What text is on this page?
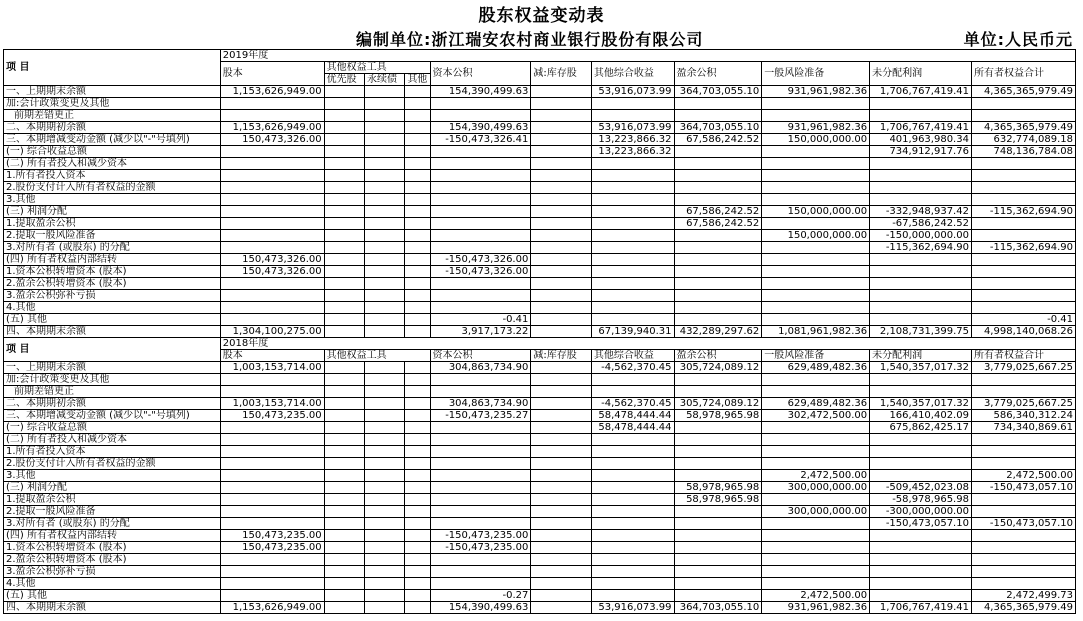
股东权益变动表
编制单位:浙江瑞安农村商业银行股份有限公司	单位:人民币元
项 目	2019年度										
	股本	其他权益工具			资本公积	减:库存股	其他综合收益	盈余公积	一般风险准备	未分配利润	所有者权益合计
		优先股	永续债	其他							
一、上期期末余额	1,153,626,949.00				154,390,499.63		53,916,073.99	364,703,055.10	931,961,982.36	1,706,767,419.41	4,365,365,979.49
加:会计政策变更及其他											
前期差错更正											
二、本期期初余额	1,153,626,949.00				154,390,499.63		53,916,073.99	364,703,055.10	931,961,982.36	1,706,767,419.41	4,365,365,979.49
三、本期增减变动金额 (减少以"-"号填列)	150,473,326.00				-150,473,326.41		13,223,866.32	67,586,242.52	150,000,000.00	401,963,980.34	632,774,089.18
(一) 综合收益总额							13,223,866.32			734,912,917.76	748,136,784.08
(二) 所有者投入和减少资本											
1.所有者投入资本											
2.股份支付计入所有者权益的金额											
3.其他											
(三) 利润分配								67,586,242.52	150,000,000.00	-332,948,937.42	-115,362,694.90
1.提取盈余公积								67,586,242.52		-67,586,242.52	
2.提取一般风险准备									150,000,000.00	-150,000,000.00	
3.对所有者 (或股东) 的分配										-115,362,694.90	-115,362,694.90
(四) 所有者权益内部结转	150,473,326.00				-150,473,326.00						
1.资本公积转增资本 (股本)	150,473,326.00				-150,473,326.00						
2.盈余公积转增资本 (股本)											
3.盈余公积弥补亏损											
4.其他											
(五) 其他					-0.41						-0.41
四、本期期末余额	1,304,100,275.00				3,917,173.22		67,139,940.31	432,289,297.62	1,081,961,982.36	2,108,731,399.75	4,998,140,068.26
项 目	2018年度										
	股本	其他权益工具			资本公积	减:库存股	其他综合收益	盈余公积	一般风险准备	未分配利润	所有者权益合计
一、上期期末余额	1,003,153,714.00				304,863,734.90		-4,562,370.45	305,724,089.12	629,489,482.36	1,540,357,017.32	3,779,025,667.25
加:会计政策变更及其他											
前期差错更正											
二、本期期初余额	1,003,153,714.00				304,863,734.90		-4,562,370.45	305,724,089.12	629,489,482.36	1,540,357,017.32	3,779,025,667.25
三、本期增减变动金额 (减少以"-"号填列)	150,473,235.00				-150,473,235.27		58,478,444.44	58,978,965.98	302,472,500.00	166,410,402.09	586,340,312.24
(一) 综合收益总额							58,478,444.44			675,862,425.17	734,340,869.61
(二) 所有者投入和减少资本											
1.所有者投入资本											
2.股份支付计入所有者权益的金额											
3.其他									2,472,500.00		2,472,500.00
(三) 利润分配								58,978,965.98	300,000,000.00	-509,452,023.08	-150,473,057.10
1.提取盈余公积								58,978,965.98		-58,978,965.98	
2.提取一般风险准备									300,000,000.00	-300,000,000.00	
3.对所有者 (或股东) 的分配										-150,473,057.10	-150,473,057.10
(四) 所有者权益内部结转	150,473,235.00				-150,473,235.00						
1.资本公积转增资本 (股本)	150,473,235.00				-150,473,235.00						
2.盈余公积转增资本 (股本)											
3.盈余公积弥补亏损											
4.其他											
(五) 其他					-0.27				2,472,500.00		2,472,499.73
四、本期期末余额	1,153,626,949.00				154,390,499.63		53,916,073.99	364,703,055.10	931,961,982.36	1,706,767,419.41	4,365,365,979.49
